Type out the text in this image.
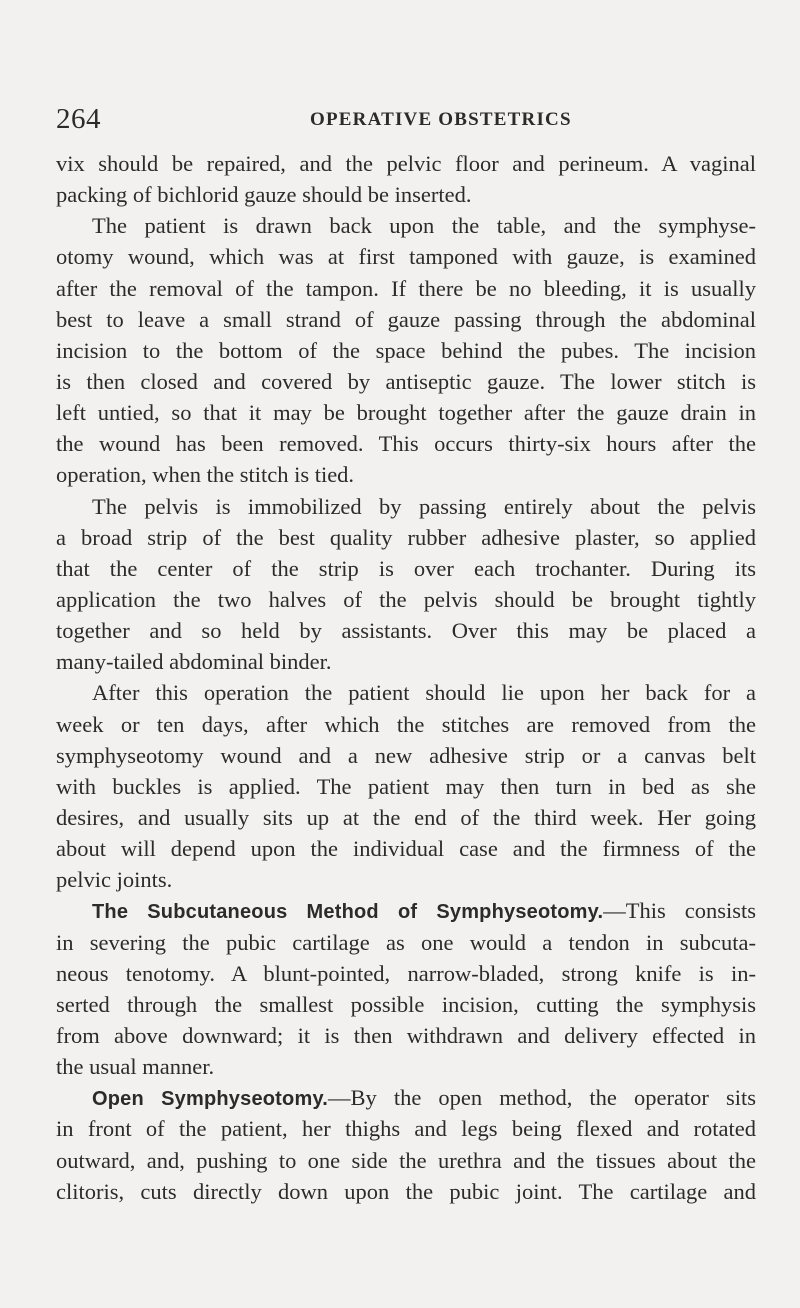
264	OPERATIVE OBSTETRICS
vix should be repaired, and the pelvic floor and perineum. A vaginal
packing of bichlorid gauze should be inserted.
The patient is drawn back upon the table, and the symphyse-
otomy wound, which was at first tamponed with gauze, is examined
after the removal of the tampon. If there be no bleeding, it is usually
best to leave a small strand of gauze passing through the abdominal
incision to the bottom of the space behind the pubes. The incision
is then closed and covered by antiseptic gauze. The lower stitch is
left untied, so that it may be brought together after the gauze drain in
the wound has been removed. This occurs thirty-six hours after the
operation, when the stitch is tied.
The pelvis is immobilized by passing entirely about the pelvis
a broad strip of the best quality rubber adhesive plaster, so applied
that the center of the strip is over each trochanter. During its
application the two halves of the pelvis should be brought tightly
together and so held by assistants. Over this may be placed a
many-tailed abdominal binder.
After this operation the patient should lie upon her back for a
week or ten days, after which the stitches are removed from the
symphyseotomy wound and a new adhesive strip or a canvas belt
with buckles is applied. The patient may then turn in bed as she
desires, and usually sits up at the end of the third week. Her going
about will depend upon the individual case and the firmness of the
pelvic joints.
The Subcutaneous Method of Symphyseotomy.—This consists
in severing the pubic cartilage as one would a tendon in subcuta-
neous tenotomy. A blunt-pointed, narrow-bladed, strong knife is in-
serted through the smallest possible incision, cutting the symphysis
from above downward; it is then withdrawn and delivery effected in
the usual manner.
Open Symphyseotomy.—By the open method, the operator sits
in front of the patient, her thighs and legs being flexed and rotated
outward, and, pushing to one side the urethra and the tissues about the
clitoris, cuts directly down upon the pubic joint. The cartilage and
